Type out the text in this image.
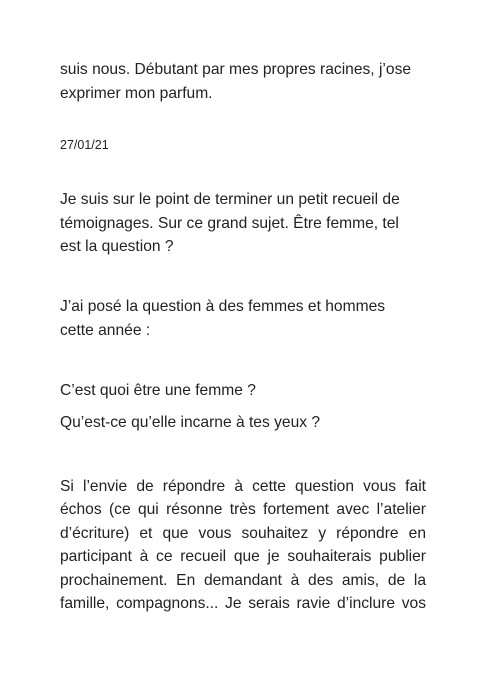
suis nous. Débutant par mes propres racines, j’ose

exprimer mon parfum.

27/01/21

Je suis sur le point de terminer un petit recueil de

témoignages. Sur ce grand sujet. Être femme, tel

est la question ?

J’ai posé la question à des femmes et hommes

cette année :

C’est quoi être une femme ?

Qu’est-ce qu’elle incarne à tes yeux ?

Si l’envie de répondre à cette question vous fait

échos (ce qui résonne très fortement avec l’atelier

d’écriture) et que vous souhaitez y répondre en

participant à ce recueil que je souhaiterais publier

prochainement. En demandant à des amis, de la

famille, compagnons... Je serais ravie d’inclure vos
